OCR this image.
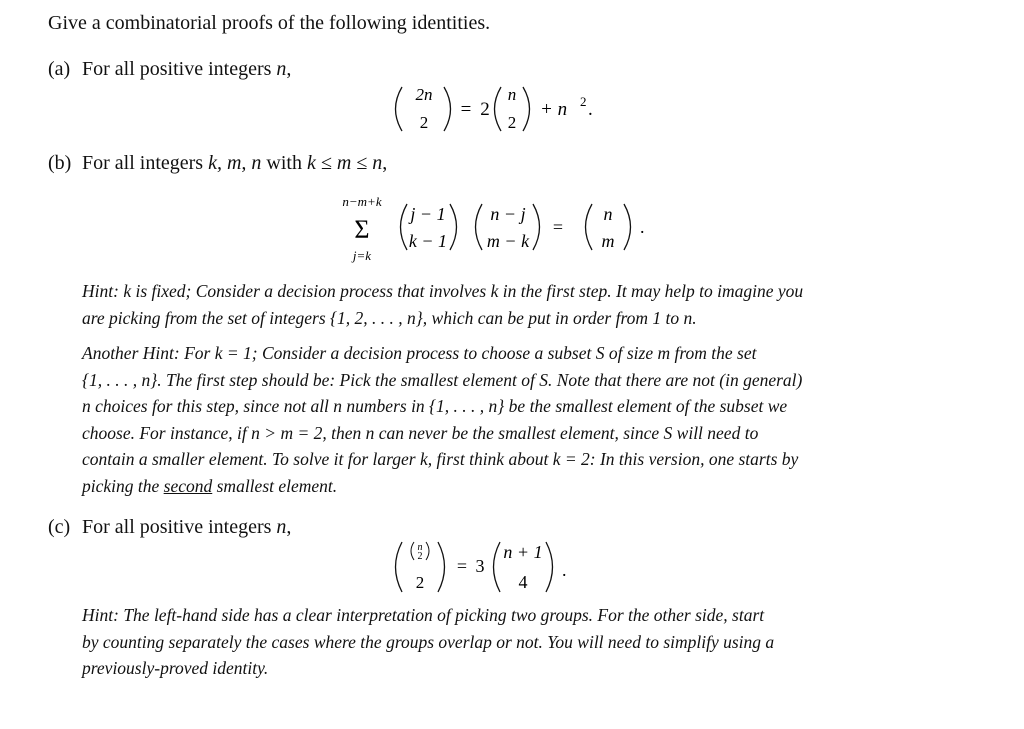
Give a combinatorial proofs of the following identities.
(a) For all positive integers n,
2n
2
= 2
n
2
+ n 2 .
(b) For all integers k, m, n with k ≤ m ≤ n,
n−m+k
Σ
j=k
j − 1
k − 1
n − j
m − k
=
n
m
.
Hint: k is fixed; Consider a decision process that involves k in the first step. It may help to imagine you
are picking from the set of integers {1, 2, . . . , n}, which can be put in order from 1 to n.
Another Hint: For k = 1; Consider a decision process to choose a subset S of size m from the set
{1, . . . , n}. The first step should be: Pick the smallest element of S. Note that there are not (in general)
n choices for this step, since not all n numbers in {1, . . . , n} be the smallest element of the subset we
choose. For instance, if n > m = 2, then n can never be the smallest element, since S will need to
contain a smaller element. To solve it for larger k, first think about k = 2: In this version, one starts by
picking the second smallest element.
(c) For all positive integers n,
n
2
2
= 3
n + 1
4
.
Hint: The left-hand side has a clear interpretation of picking two groups. For the other side, start
by counting separately the cases where the groups overlap or not. You will need to simplify using a
previously-proved identity.
